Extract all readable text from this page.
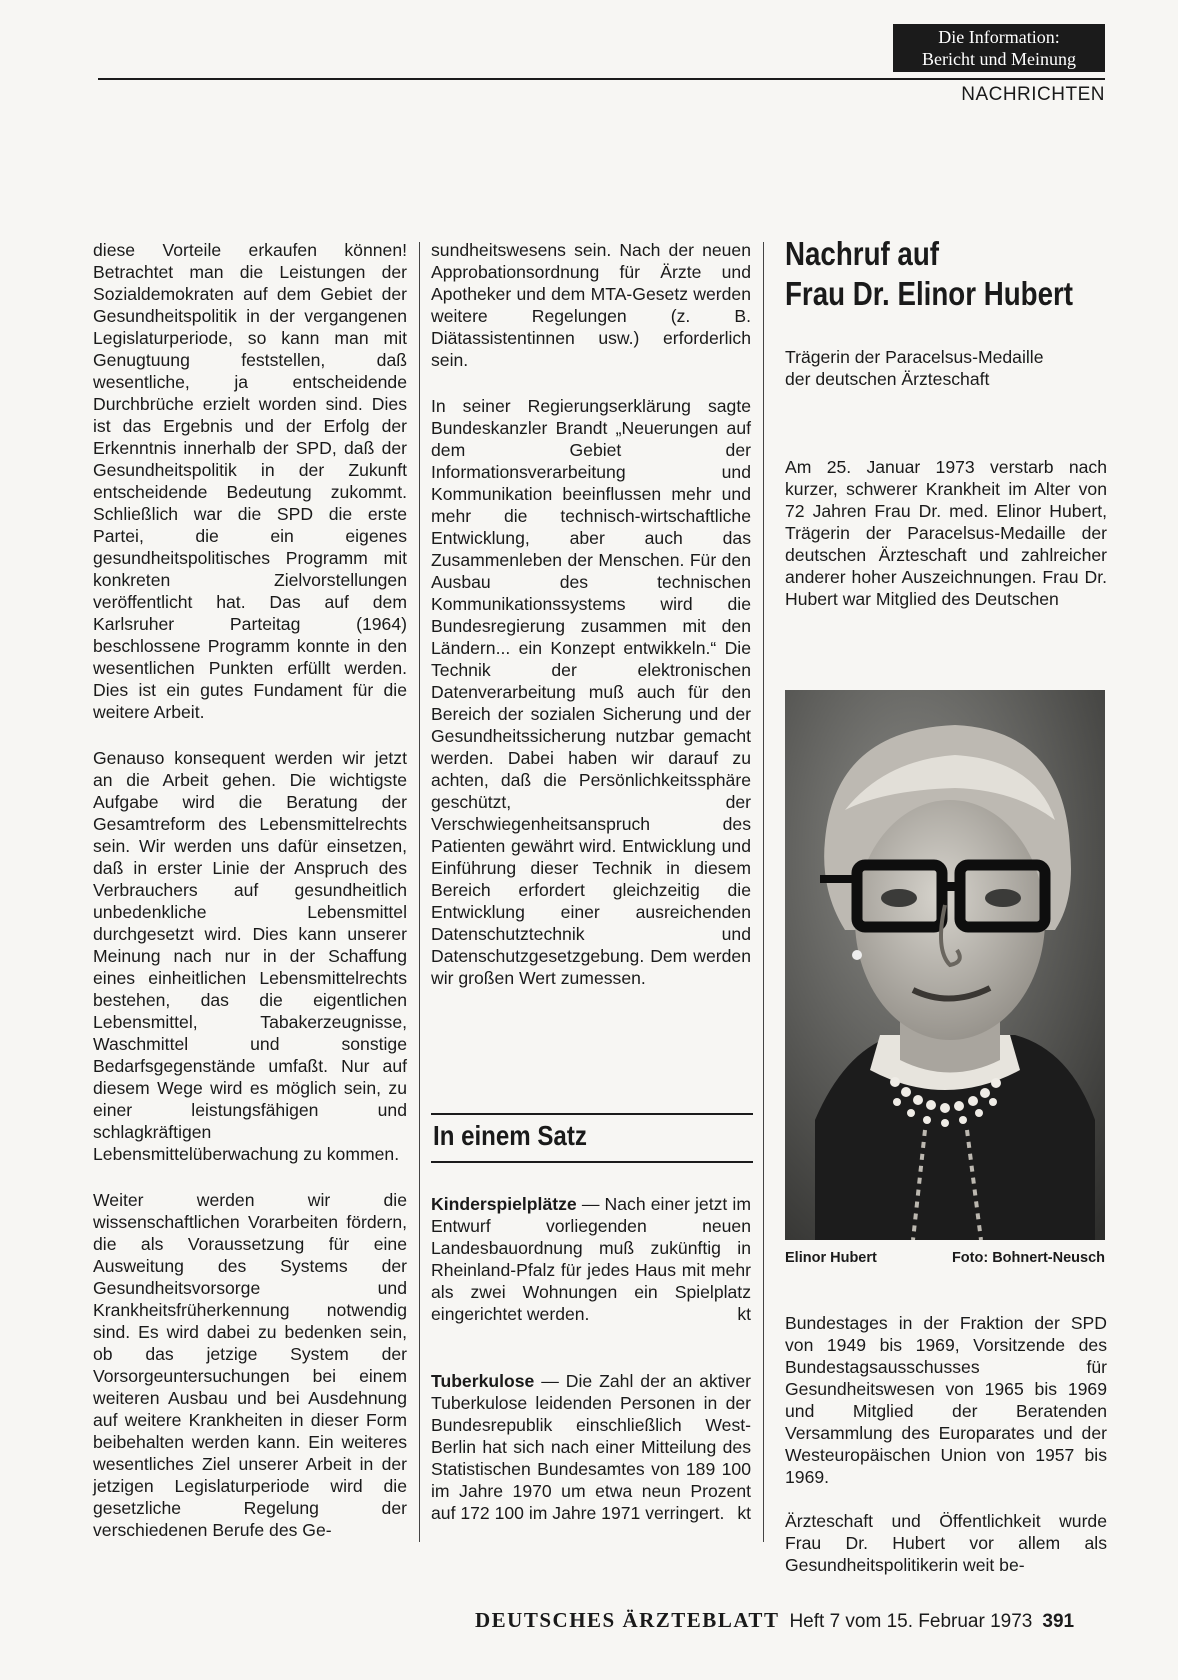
Die Information:
Bericht und Meinung
NACHRICHTEN

diese Vorteile erkaufen können! Betrachtet man die Leistungen der Sozialdemokraten auf dem Gebiet der Gesundheitspolitik in der vergangenen Legislaturperiode, so kann man mit Genugtuung feststellen, daß wesentliche, ja entscheidende Durchbrüche erzielt worden sind. Dies ist das Ergebnis und der Erfolg der Erkenntnis innerhalb der SPD, daß der Gesundheitspolitik in der Zukunft entscheidende Bedeutung zukommt. Schließlich war die SPD die erste Partei, die ein eigenes gesundheitspolitisches Programm mit konkreten Zielvorstellungen veröffentlicht hat. Das auf dem Karlsruher Parteitag (1964) beschlossene Programm konnte in den wesentlichen Punkten erfüllt werden. Dies ist ein gutes Fundament für die weitere Arbeit.

Genauso konsequent werden wir jetzt an die Arbeit gehen. Die wichtigste Aufgabe wird die Beratung der Gesamtreform des Lebensmittelrechts sein. Wir werden uns dafür einsetzen, daß in erster Linie der Anspruch des Verbrauchers auf gesundheitlich unbedenkliche Lebensmittel durchgesetzt wird. Dies kann unserer Meinung nach nur in der Schaffung eines einheitlichen Lebensmittelrechts bestehen, das die eigentlichen Lebensmittel, Tabakerzeugnisse, Waschmittel und sonstige Bedarfsgegenstände umfaßt. Nur auf diesem Wege wird es möglich sein, zu einer leistungsfähigen und schlagkräftigen Lebensmittelüberwachung zu kommen.

Weiter werden wir die wissenschaftlichen Vorarbeiten fördern, die als Voraussetzung für eine Ausweitung des Systems der Gesundheitsvorsorge und Krankheitsfrüherkennung notwendig sind. Es wird dabei zu bedenken sein, ob das jetzige System der Vorsorgeuntersuchungen bei einem weiteren Ausbau und bei Ausdehnung auf weitere Krankheiten in dieser Form beibehalten werden kann. Ein weiteres wesentliches Ziel unserer Arbeit in der jetzigen Legislaturperiode wird die gesetzliche Regelung der verschiedenen Berufe des Ge-

sundheitswesens sein. Nach der neuen Approbationsordnung für Ärzte und Apotheker und dem MTA-Gesetz werden weitere Regelungen (z. B. Diätassistentinnen usw.) erforderlich sein.

In seiner Regierungserklärung sagte Bundeskanzler Brandt „Neuerungen auf dem Gebiet der Informationsverarbeitung und Kommunikation beeinflussen mehr und mehr die technisch-wirtschaftliche Entwicklung, aber auch das Zusammenleben der Menschen. Für den Ausbau des technischen Kommunikationssystems wird die Bundesregierung zusammen mit den Ländern... ein Konzept entwikkeln.“ Die Technik der elektronischen Datenverarbeitung muß auch für den Bereich der sozialen Sicherung und der Gesundheitssicherung nutzbar gemacht werden. Dabei haben wir darauf zu achten, daß die Persönlichkeitssphäre geschützt, der Verschwiegenheitsanspruch des Patienten gewährt wird. Entwicklung und Einführung dieser Technik in diesem Bereich erfordert gleichzeitig die Entwicklung einer ausreichenden Datenschutztechnik und Datenschutzgesetzgebung. Dem werden wir großen Wert zumessen.

In einem Satz
Kinderspielplätze — Nach einer jetzt im Entwurf vorliegenden neuen Landesbauordnung muß zukünftig in Rheinland-Pfalz für jedes Haus mit mehr als zwei Wohnungen ein Spielplatz eingerichtet werden.	kt
Tuberkulose — Die Zahl der an aktiver Tuberkulose leidenden Personen in der Bundesrepublik einschließlich West-Berlin hat sich nach einer Mitteilung des Statistischen Bundesamtes von 189 100 im Jahre 1970 um etwa neun Prozent auf 172 100 im Jahre 1971 verringert. kt
Nachruf auf
Frau Dr. Elinor Hubert
Trägerin der Paracelsus-Medaille
der deutschen Ärzteschaft
Am 25. Januar 1973 verstarb nach kurzer, schwerer Krankheit im Alter von 72 Jahren Frau Dr. med. Elinor Hubert, Trägerin der Paracelsus-Medaille der deutschen Ärzteschaft und zahlreicher anderer hoher Auszeichnungen. Frau Dr. Hubert war Mitglied des Deutschen
Elinor Hubert	Foto: Bohnert-Neusch

Bundestages in der Fraktion der SPD von 1949 bis 1969, Vorsitzende des Bundestagsausschusses für Gesundheitswesen von 1965 bis 1969 und Mitglied der Beratenden Versammlung des Europarates und der Westeuropäischen Union von 1957 bis 1969.

Ärzteschaft und Öffentlichkeit wurde Frau Dr. Hubert vor allem als Gesundheitspolitikerin weit be-

DEUTSCHES ÄRZTEBLATT Heft 7 vom 15. Februar 1973 391
